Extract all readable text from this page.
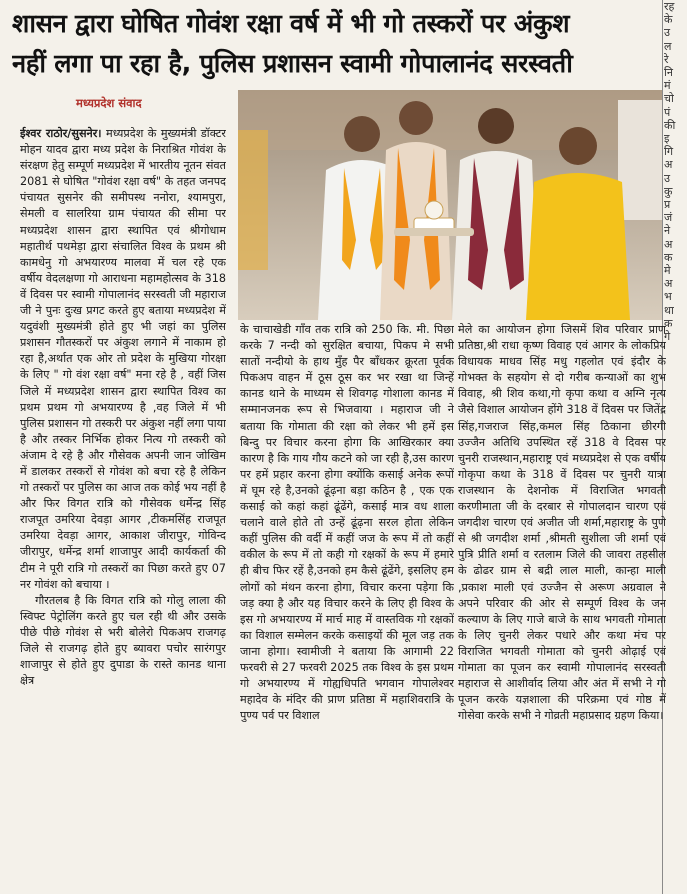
शासन द्वारा घोषित गोवंश रक्षा वर्ष में भी गो तस्करों पर अंकुश
नहीं लगा पा रहा है, पुलिस प्रशासन स्वामी गोपालानंद सरस्वती
रह
के
उ
ल
रे
नि
मं
चो
पं
की
इ
गि
अ
उ
कु
प्र
जं
ने
अ
क
मे
अ
भ
था
क
गे
मध्यप्रदेश संवाद

ईश्वर राठोर/सुसनेर। मध्यप्रदेश के मुख्यमंत्री डॉक्टर मोहन यादव द्वारा मध्य प्रदेश के निराश्रित गोवंश के संरक्षण हेतु सम्पूर्ण मध्यप्रदेश में भारतीय नूतन संवत 2081 से घोषित "गोवंश रक्षा वर्ष" के तहत जनपद पंचायत सुसनेर की समीपस्थ ननोरा, श्यामपुरा, सेमली व सालरिया ग्राम पंचायत की सीमा पर मध्यप्रदेश शासन द्वारा स्थापित एवं श्रीगोधाम महातीर्थ पथमेड़ा द्वारा संचालित विश्व के प्रथम श्री कामधेनु गो अभयारण्य मालवा में चल रहे एक वर्षीय वेदलक्षणा गो आराधना महामहोत्सव के 318 वें दिवस पर स्वामी गोपालानंद सरस्वती जी महाराज जी ने पुनः दुःख प्रगट करते हुए बताया मध्यप्रदेश में यदुवंशी मुख्यमंत्री होते हुए भी जहां का पुलिस प्रशासन गौतस्करों पर अंकुश लगाने में नाकाम हो रहा है,अर्थात एक ओर तो प्रदेश के मुखिया गोरक्षा के लिए " गो वंश रक्षा वर्ष" मना रहे है , वहीं जिस जिले में मध्यप्रदेश शासन द्वारा स्थापित विश्व का प्रथम प्रथम गो अभयारण्य है ,वह जिले में भी पुलिस प्रशासन गो तस्करी पर अंकुश नहीं लगा पाया है और तस्कर निर्भिक होकर नित्य गो तस्करी को अंजाम दे रहे है और गौसेवक अपनी जान जोखिम में डालकर तस्करों से गोवंश को बचा रहे है लेकिन गो तस्करों पर पुलिस का आज तक कोई भय नहीं है और फिर विगत रात्रि को गौसेवक धर्मेन्द्र सिंह राजपूत उमरिया देवड़ा आगर ,टीकमसिंह राजपूत उमरिया देवड़ा आगर, आकाश जीरापुर, गोविन्द जीरापुर, धर्मेन्द्र शर्मा शाजापुर आदी कार्यकर्ता की टीम ने पूरी रात्रि गो तस्करों का पिछा करते हुए 07 नर गोवंश को बचाया ।

गौरतलब है कि विगत रात्रि को गोलु लाला की स्विफ्ट पेट्रोलिंग करते हुए चल रही थी और उसके पीछे पीछे गोवंश से भरी बोलेरो पिकअप राजगढ़ जिले से राजगढ़ होते हुए ब्यावरा पचोर सारंगपुर शाजापुर से होते हुए दुपाडा के रास्ते कानड थाना क्षेत्र

के चाचाखेडी गाँव तक रात्रि को 250 कि. मी. पिछा करके 7 नन्दी को सुरक्षित बचाया, पिकप मे सभी सातों नन्दीयो के हाथ मुँह पैर बाँधकर क्रूरता पूर्वक पिकअप वाहन में ठूस ठूस कर भर रखा था जिन्हें कानड थाने के माध्यम से शिवगढ़ गोशाला कानड में सम्मानजनक रूप से भिजवाया । महाराज जी ने बताया कि गोमाता की रक्षा को लेकर भी हमें इस बिन्दु पर विचार करना होगा कि आखिरकार क्या कारण है कि गाय गौय कटने को जा रही है,उस कारण पर हमें प्रहार करना होगा क्योंकि कसाई अनेक रूपों में घूम रहे है,उनको ढूंढ़ना बड़ा कठिन है , एक एक कसाई को कहां कहां ढूंढेंगे, कसाई मात्र वध शाला चलाने वाले होते तो उन्हें ढूंढ़ना सरल होता लेकिन कहीं पुलिस की वर्दी में कहीं जज के रूप में तो कहीं वकील के रूप में तो कही गो रक्षकों के रूप में हमारे ही बीच फिर रहें है,उनको हम कैसे ढूंढेंगे, इसलिए हम लोगों को मंथन करना होगा, विचार करना पड़ेगा कि जड़ क्या है और यह विचार करने के लिए ही विश्व के इस गो अभयारण्य में मार्च माह में वास्तविक गो रक्षकों का विशाल सम्मेलन करके कसाइयों की मूल जड़ तक जाना होगा। स्वामीजी ने बताया कि आगामी 22 फरवरी से 27 फरवरी 2025 तक विश्व के इस प्रथम गो अभयारण्य में गोह्यधिपति भगवान गोपालेश्वर महादेव के मंदिर की प्राण प्रतिष्ठा में महाशिवरात्रि के पुण्य पर्व पर विशाल

मेले का आयोजन होगा जिसमें शिव परिवार प्राण प्रतिष्ठा,श्री राधा कृष्ण विवाह एवं आगर के लोकप्रिय विधायक माधव सिंह मधु गहलोत एवं इंदौर के गोभक्त के सहयोग से दो गरीब कन्याओं का शुभ विवाह, श्री शिव कथा,गो कृपा कथा व अग्नि नृत्य जैसे विशाल आयोजन होंगे 318 वें दिवस पर जितेंद्र सिंह,गजराज सिंह,कमल सिंह ठिकाना छीरगी उज्जैन अतिथि उपस्थित रहें 318 वे दिवस पर चुनरी राजस्थान,महाराष्ट्र एवं मध्यप्रदेश से एक वर्षीय गोकृपा कथा के 318 वें दिवस पर चुनरी यात्रा राजस्थान के देशनोक में विराजित भगवती करणीमाता जी के दरबार से गोपालदान चारण एवं जगदीश चारण एवं अजीत जी शर्मा,महाराष्ट्र के पुणे से श्री जगदीश शर्मा ,श्रीमती सुशीला जी शर्मा एवं पुत्रि प्रीति शर्मा व रतलाम जिले की जावरा तहसील के ढोढर ग्राम से बद्री लाल माली, कान्हा माली ,प्रकाश माली एवं उज्जैन से अरूण अग्रवाल ने अपने परिवार की ओर से सम्पूर्ण विश्व के जन कल्याण के लिए गाजे बाजे के साथ भगवती गोमाता के लिए चुनरी लेकर पधारे और कथा मंच पर विराजित भगवती गोमाता को चुनरी ओढ़ाई एवं गोमाता का पूजन कर स्वामी गोपालानंद सरस्वती महाराज से आशीर्वाद लिया और अंत में सभी ने गो पूजन करके यज्ञशाला की परिक्रमा एवं गोष्ठ में गोसेवा करके सभी ने गोव्रती महाप्रसाद ग्रहण किया।
